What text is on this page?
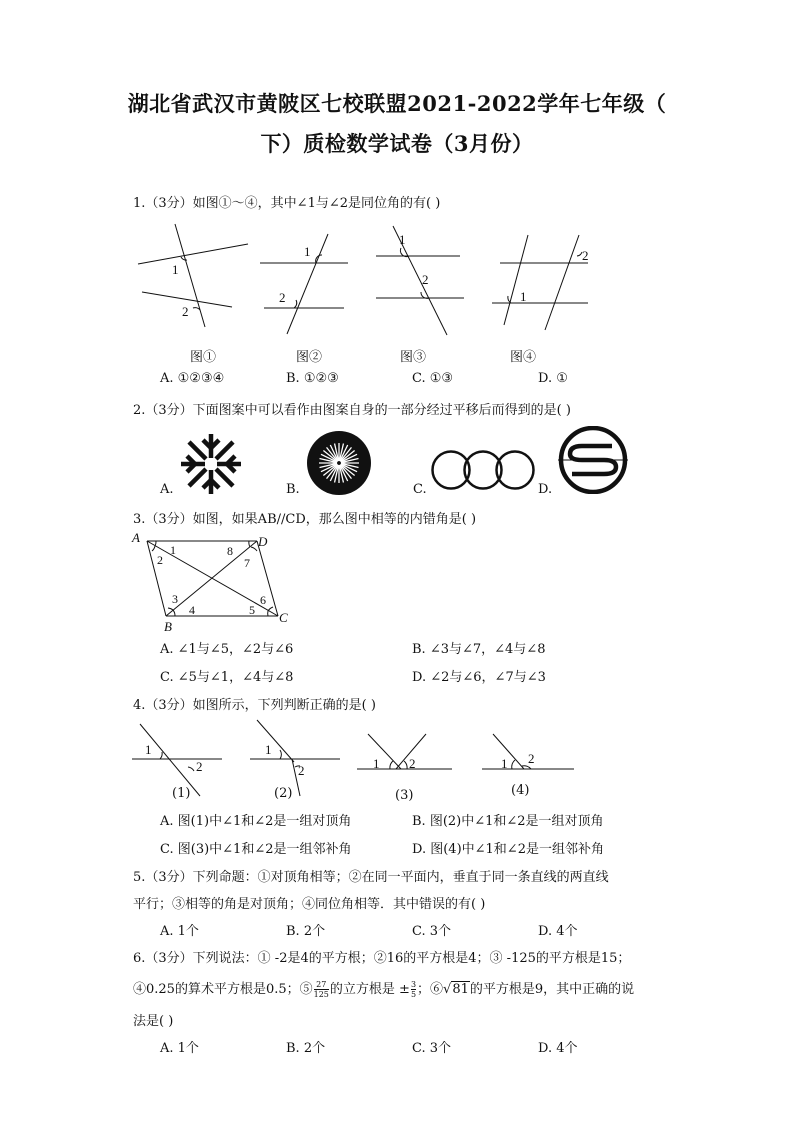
湖北省武汉市黄陂区七校联盟2021-2022学年七年级（
下）质检数学试卷（3月份）
1.（3分）如图①～④，其中∠1与∠2是同位角的有( )
1
2
1
2
1
2
1
2
图①	图②	图③	图④
A. ①②③④	B. ①②③	C. ①③	D. ①
2.（3分）下面图案中可以看作由图案自身的一部分经过平移后而得到的是( )
A.	B.	C.	D.
3.（3分）如图，如果AB//CD，那么图中相等的内错角是( )
A	D
B
C
1
2
3
4	5
6
7
8
A. ∠1与∠5，∠2与∠6	B. ∠3与∠7，∠4与∠8
C. ∠5与∠1，∠4与∠8	D. ∠2与∠6，∠7与∠3
4.（3分）如图所示，下列判断正确的是( )
1
2
1
2	1 2	1 2
(1)	(2)	(3)	(4)
A. 图(1)中∠1和∠2是一组对顶角	B. 图(2)中∠1和∠2是一组对顶角
C. 图(3)中∠1和∠2是一组邻补角	D. 图(4)中∠1和∠2是一组邻补角
5.（3分）下列命题：①对顶角相等；②在同一平面内，垂直于同一条直线的两直线
平行；③相等的角是对顶角；④同位角相等．其中错误的有( )
A. 1个	B. 2个	C. 3个	D. 4个
6.（3分）下列说法：① -2是4的平方根；②16的平方根是4；③ -125的平方根是15；
④0.25的算术平方根是0.5；⑤ $\frac{27}{125}$ 的立方根是 ± $\frac{3}{5}$ ；⑥√81的平方根是9，其中正确的说
法是( )
A. 1个	B. 2个	C. 3个	D. 4个
